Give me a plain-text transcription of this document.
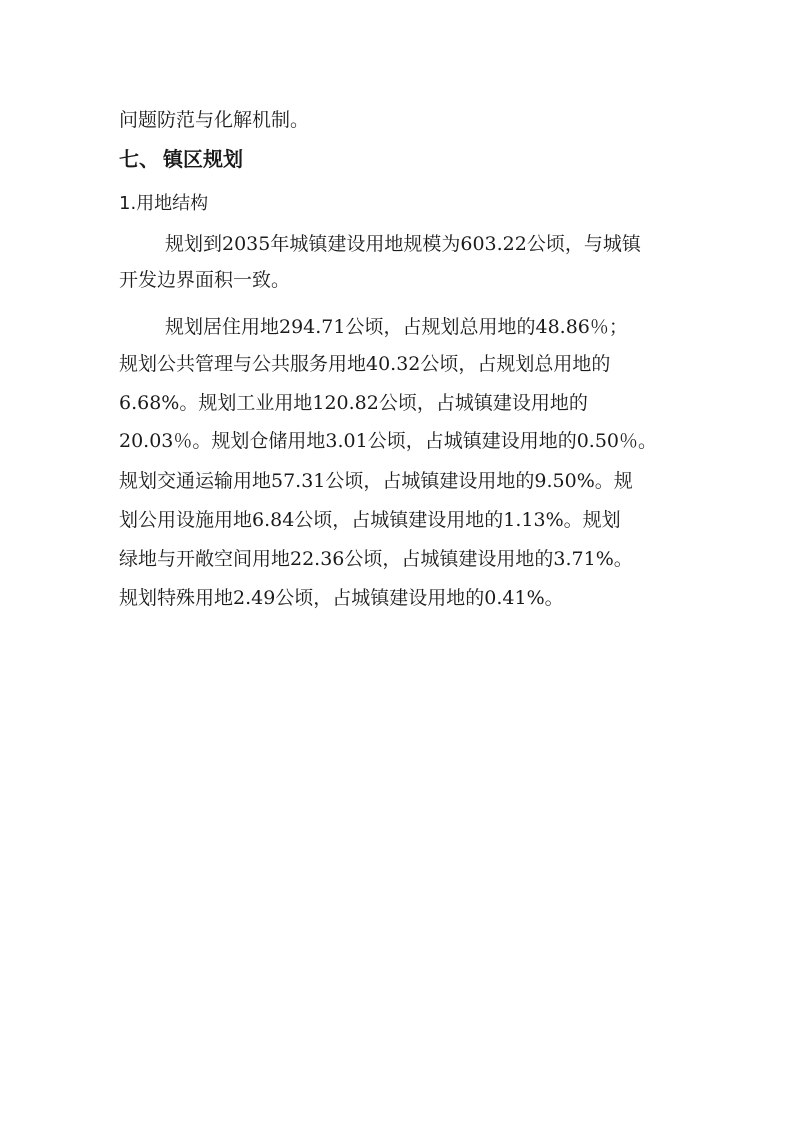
问题防范与化解机制。
七、 镇区规划
1.用地结构
规划到2035年城镇建设用地规模为603.22公顷，与城镇
开发边界面积一致。
规划居住用地294.71公顷，占规划总用地的48.86％；
规划公共管理与公共服务用地40.32公顷，占规划总用地的
6.68%。规划工业用地120.82公顷，占城镇建设用地的
20.03％。规划仓储用地3.01公顷，占城镇建设用地的0.50％。
规划交通运输用地57.31公顷，占城镇建设用地的9.50%。规
划公用设施用地6.84公顷，占城镇建设用地的1.13%。规划
绿地与开敞空间用地22.36公顷，占城镇建设用地的3.71%。
规划特殊用地2.49公顷，占城镇建设用地的0.41%。
